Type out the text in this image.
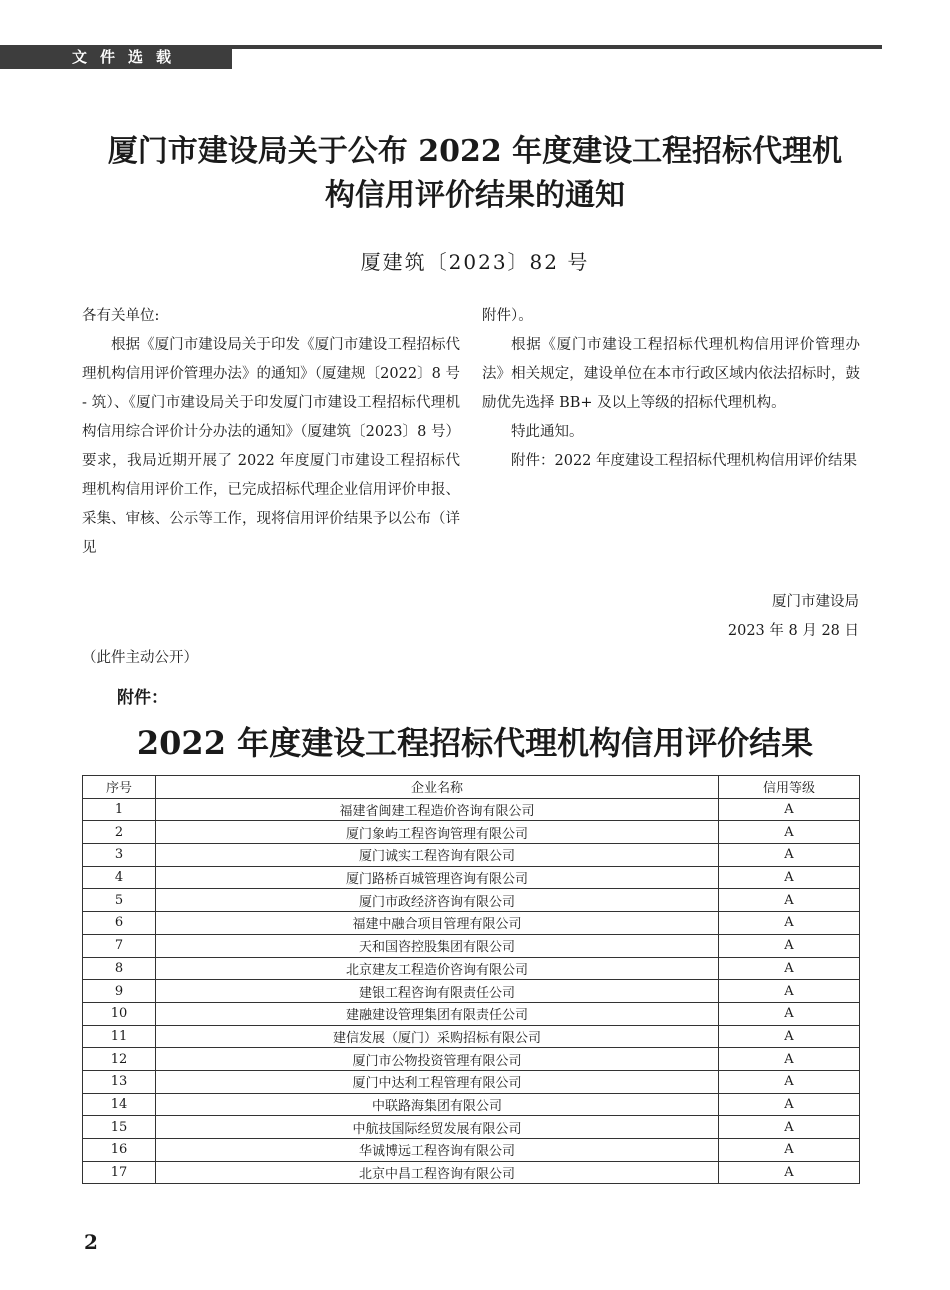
文件选载
厦门市建设局关于公布 2022 年度建设工程招标代理机
构信用评价结果的通知
厦建筑〔2023〕82 号

各有关单位:

根据《厦门市建设局关于印发《厦门市建设工程招标代理机构信用评价管理办法》的通知》（厦建规〔2022〕8 号 - 筑）、《厦门市建设局关于印发厦门市建设工程招标代理机构信用综合评价计分办法的通知》（厦建筑〔2023〕8 号）要求，我局近期开展了 2022 年度厦门市建设工程招标代理机构信用评价工作，已完成招标代理企业信用评价申报、采集、审核、公示等工作，现将信用评价结果予以公布（详见

附件）。

根据《厦门市建设工程招标代理机构信用评价管理办法》相关规定，建设单位在本市行政区域内依法招标时，鼓励优先选择 BB+ 及以上等级的招标代理机构。

特此通知。

附件：2022 年度建设工程招标代理机构信用评价结果

厦门市建设局
2023 年 8 月 28 日
（此件主动公开）
附件：
2022 年度建设工程招标代理机构信用评价结果
序号	企业名称	信用等级
1	福建省闽建工程造价咨询有限公司	A
2	厦门象屿工程咨询管理有限公司	A
3	厦门诚实工程咨询有限公司	A
4	厦门路桥百城管理咨询有限公司	A
5	厦门市政经济咨询有限公司	A
6	福建中融合项目管理有限公司	A
7	天和国咨控股集团有限公司	A
8	北京建友工程造价咨询有限公司	A
9	建银工程咨询有限责任公司	A
10	建融建设管理集团有限责任公司	A
11	建信发展（厦门）采购招标有限公司	A
12	厦门市公物投资管理有限公司	A
13	厦门中达利工程管理有限公司	A
14	中联路海集团有限公司	A
15	中航技国际经贸发展有限公司	A
16	华诚博远工程咨询有限公司	A
17	北京中昌工程咨询有限公司	A
2
